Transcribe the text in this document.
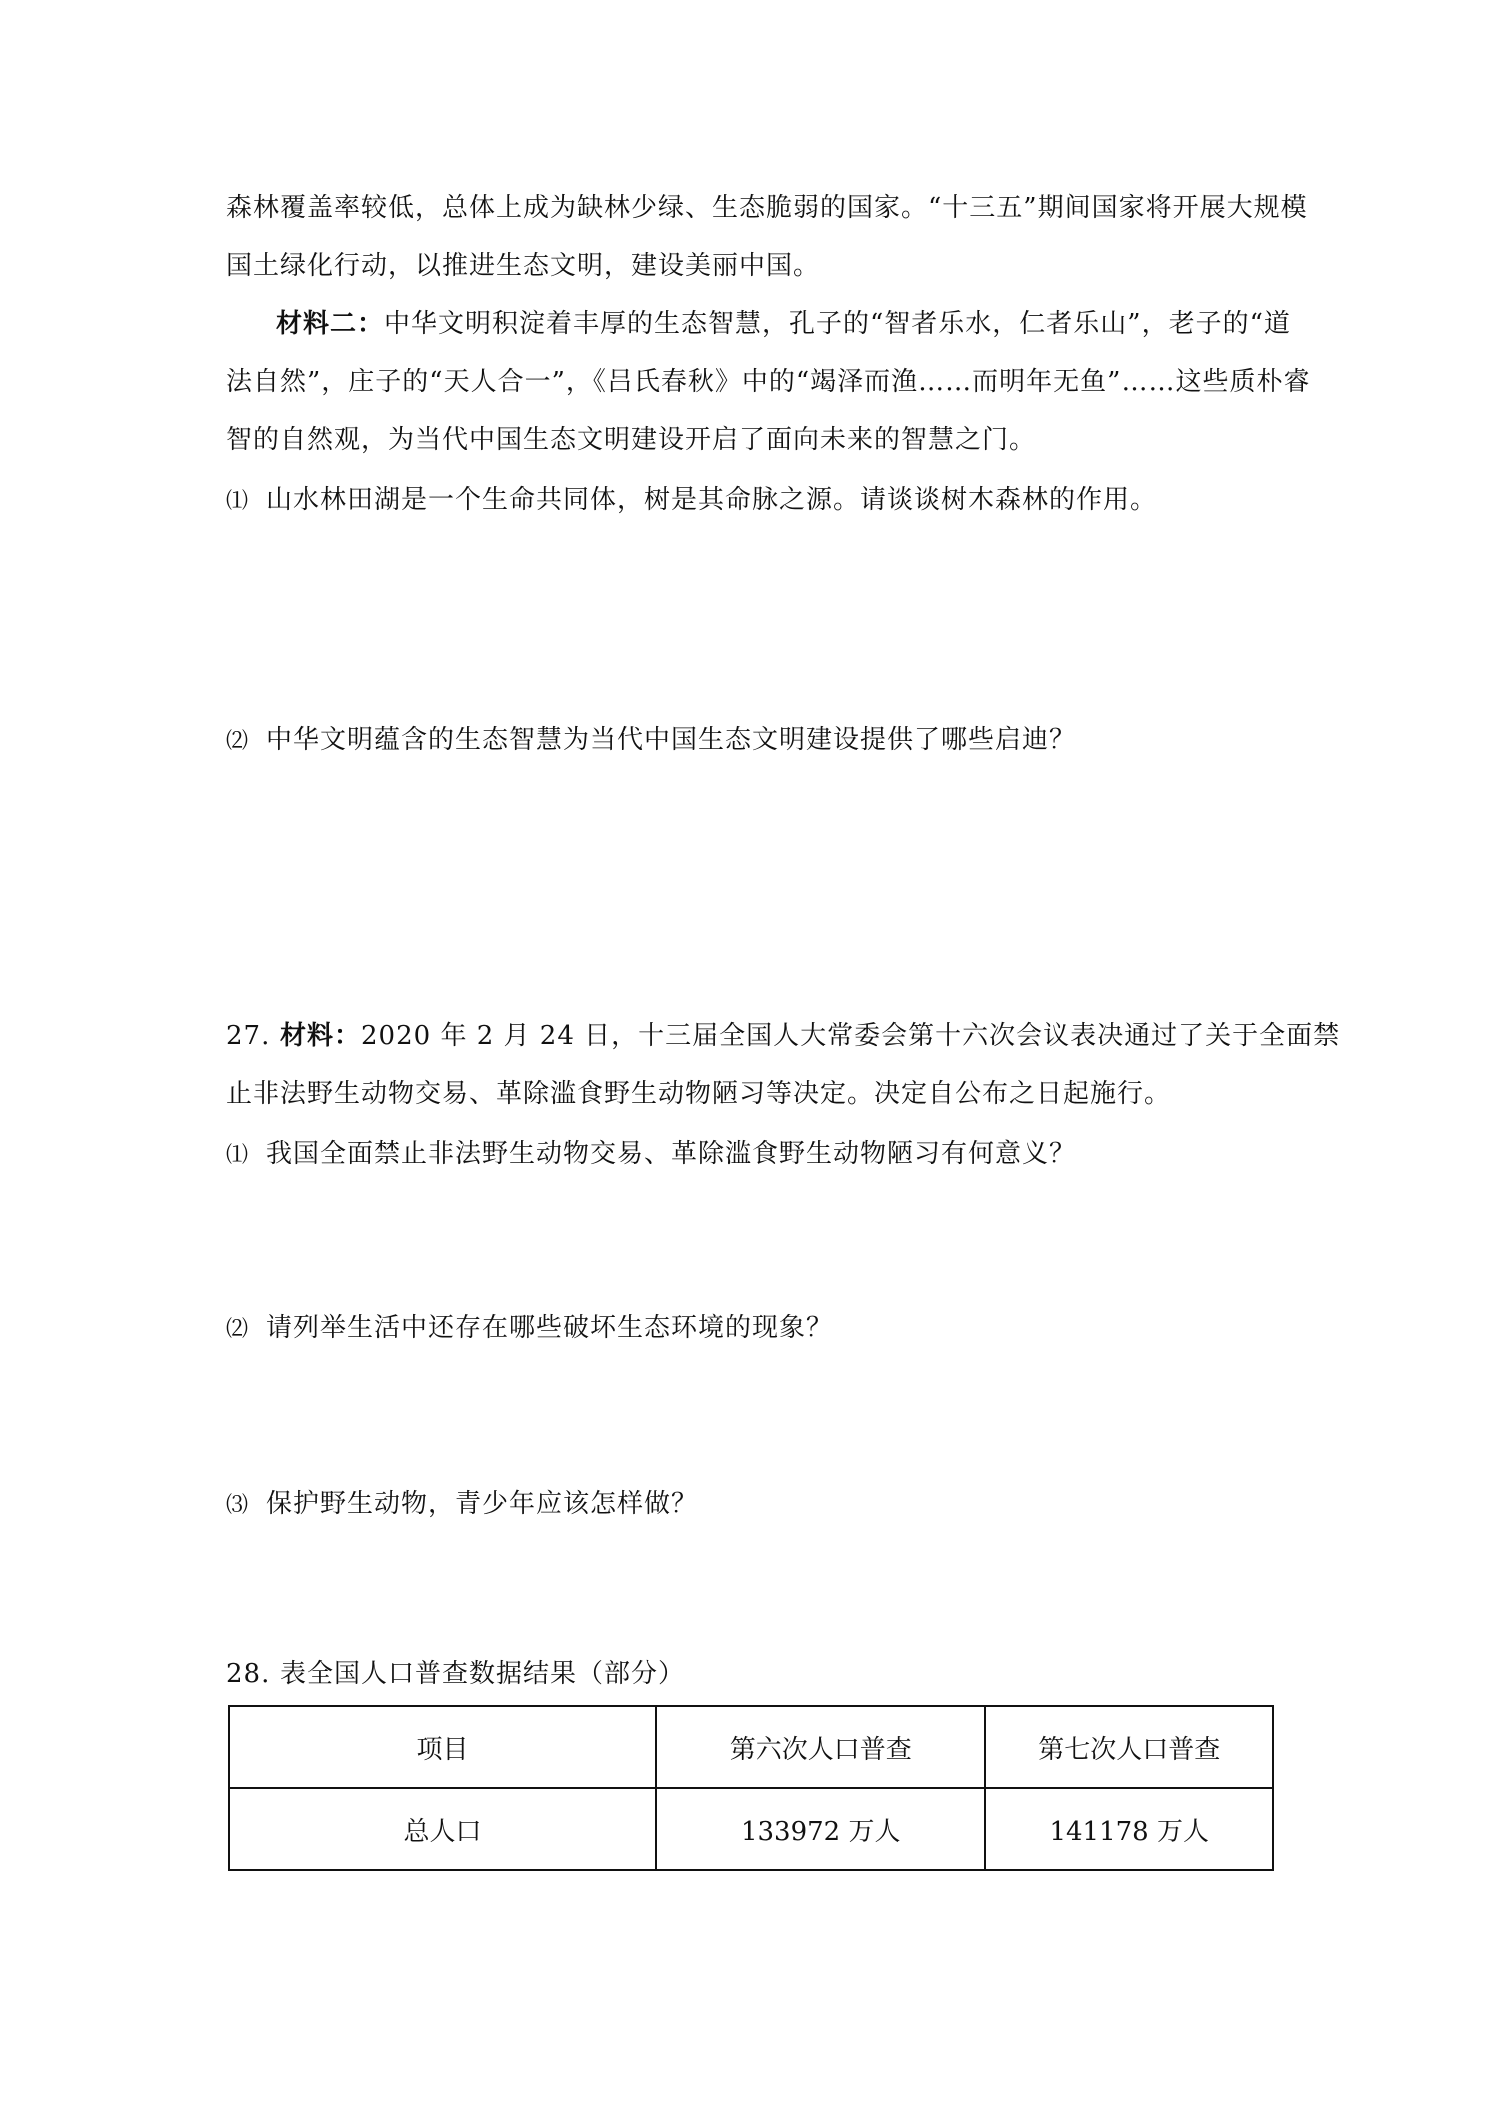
森林覆盖率较低，总体上成为缺林少绿、生态脆弱的国家。“十三五”期间国家将开展大规模
国土绿化行动，以推进生态文明，建设美丽中国。
材料二：中华文明积淀着丰厚的生态智慧，孔子的“智者乐水，仁者乐山”，老子的“道
法自然”，庄子的“天人合一”，《吕氏春秋》中的“竭泽而渔……而明年无鱼”……这些质朴睿
智的自然观，为当代中国生态文明建设开启了面向未来的智慧之门。
⑴ 山水林田湖是一个生命共同体，树是其命脉之源。请谈谈树木森林的作用。
⑵ 中华文明蕴含的生态智慧为当代中国生态文明建设提供了哪些启迪？
27. 材料：2020 年 2 月 24 日，十三届全国人大常委会第十六次会议表决通过了关于全面禁
止非法野生动物交易、革除滥食野生动物陋习等决定。决定自公布之日起施行。
⑴ 我国全面禁止非法野生动物交易、革除滥食野生动物陋习有何意义？
⑵ 请列举生活中还存在哪些破坏生态环境的现象？
⑶ 保护野生动物，青少年应该怎样做？
28. 表全国人口普查数据结果（部分）
项目	第六次人口普查	第七次人口普查
总人口	133972 万人	141178 万人
